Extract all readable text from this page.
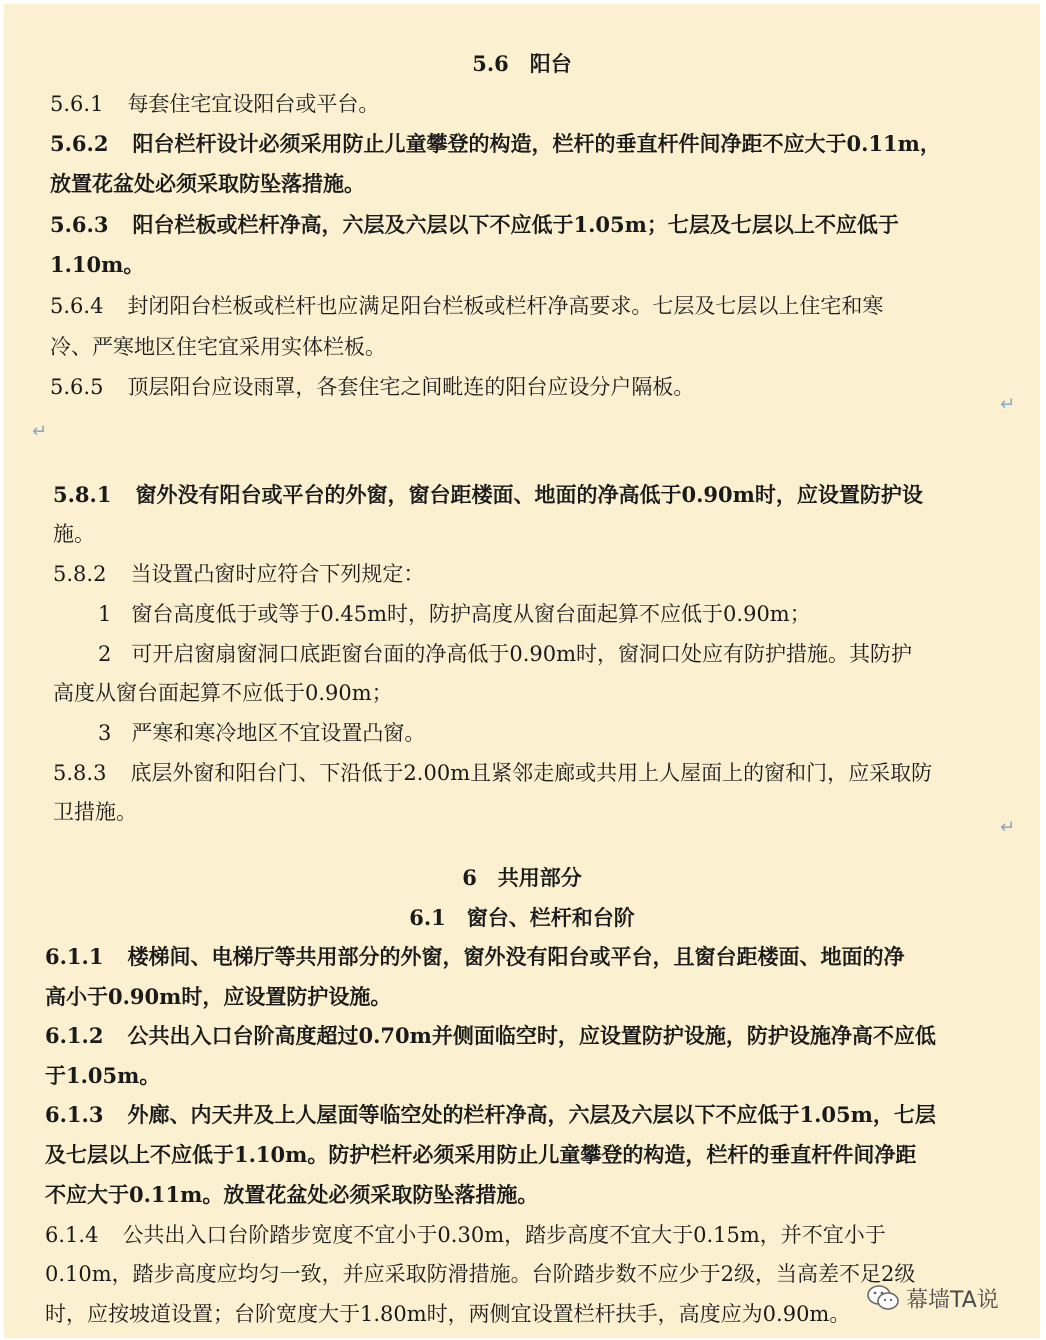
5.6　阳台
5.6.1 每套住宅宜设阳台或平台。
5.6.2 阳台栏杆设计必须采用防止儿童攀登的构造，栏杆的垂直杆件间净距不应大于0.11m，
放置花盆处必须采取防坠落措施。
5.6.3 阳台栏板或栏杆净高，六层及六层以下不应低于1.05m；七层及七层以上不应低于
1.10m。
5.6.4 封闭阳台栏板或栏杆也应满足阳台栏板或栏杆净高要求。七层及七层以上住宅和寒
冷、严寒地区住宅宜采用实体栏板。
5.6.5 顶层阳台应设雨罩，各套住宅之间毗连的阳台应设分户隔板。
↵
↵
5.8.1 窗外没有阳台或平台的外窗，窗台距楼面、地面的净高低于0.90m时，应设置防护设
施。
5.8.2 当设置凸窗时应符合下列规定：
1 窗台高度低于或等于0.45m时，防护高度从窗台面起算不应低于0.90m；
2 可开启窗扇窗洞口底距窗台面的净高低于0.90m时，窗洞口处应有防护措施。其防护
高度从窗台面起算不应低于0.90m；
3 严寒和寒冷地区不宜设置凸窗。
5.8.3 底层外窗和阳台门、下沿低于2.00m且紧邻走廊或共用上人屋面上的窗和门，应采取防
卫措施。
↵
6　共用部分
6.1　窗台、栏杆和台阶
6.1.1 楼梯间、电梯厅等共用部分的外窗，窗外没有阳台或平台，且窗台距楼面、地面的净
高小于0.90m时，应设置防护设施。
6.1.2 公共出入口台阶高度超过0.70m并侧面临空时，应设置防护设施，防护设施净高不应低
于1.05m。
6.1.3 外廊、内天井及上人屋面等临空处的栏杆净高，六层及六层以下不应低于1.05m，七层
及七层以上不应低于1.10m。防护栏杆必须采用防止儿童攀登的构造，栏杆的垂直杆件间净距
不应大于0.11m。放置花盆处必须采取防坠落措施。
6.1.4 公共出入口台阶踏步宽度不宜小于0.30m，踏步高度不宜大于0.15m，并不宜小于
0.10m，踏步高度应均匀一致，并应采取防滑措施。台阶踏步数不应少于2级，当高差不足2级
时，应按坡道设置；台阶宽度大于1.80m时，两侧宜设置栏杆扶手，高度应为0.90m。
幕墙TA说
